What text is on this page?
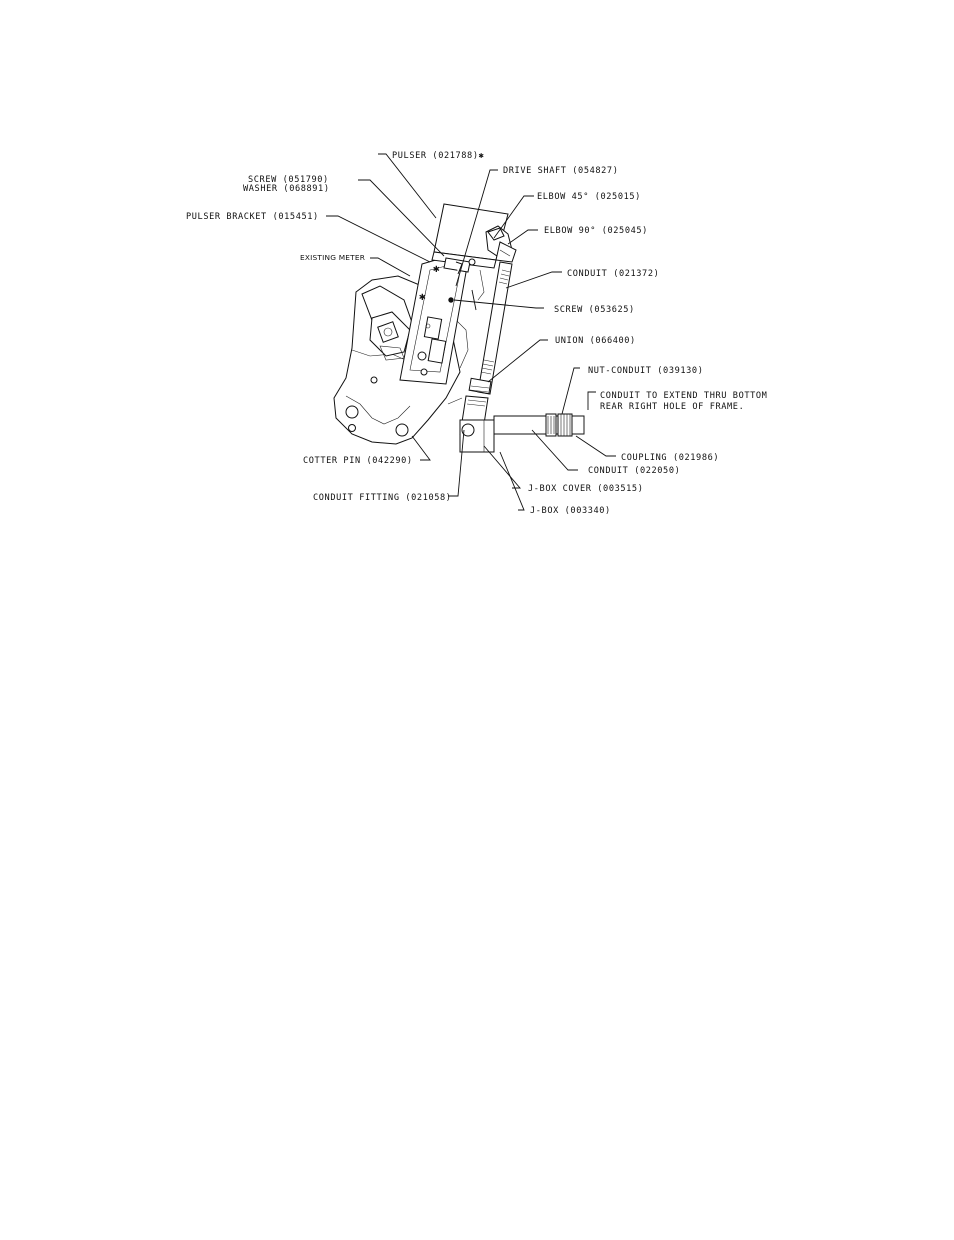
✱
✱
PULSER (021788)✱
DRIVE SHAFT (054827)
SCREW (051790)
WASHER (068891)
ELBOW 45° (025015)
PULSER BRACKET (015451)
ELBOW 90° (025045)
EXISTING METER
CONDUIT (021372)
SCREW (053625)
UNION (066400)
NUT-CONDUIT (039130)
CONDUIT TO EXTEND THRU BOTTOM
REAR RIGHT HOLE OF FRAME.
COUPLING (021986)
COTTER PIN (042290)
CONDUIT (022050)
J-BOX COVER (003515)
CONDUIT FITTING (021058)
J-BOX (003340)
